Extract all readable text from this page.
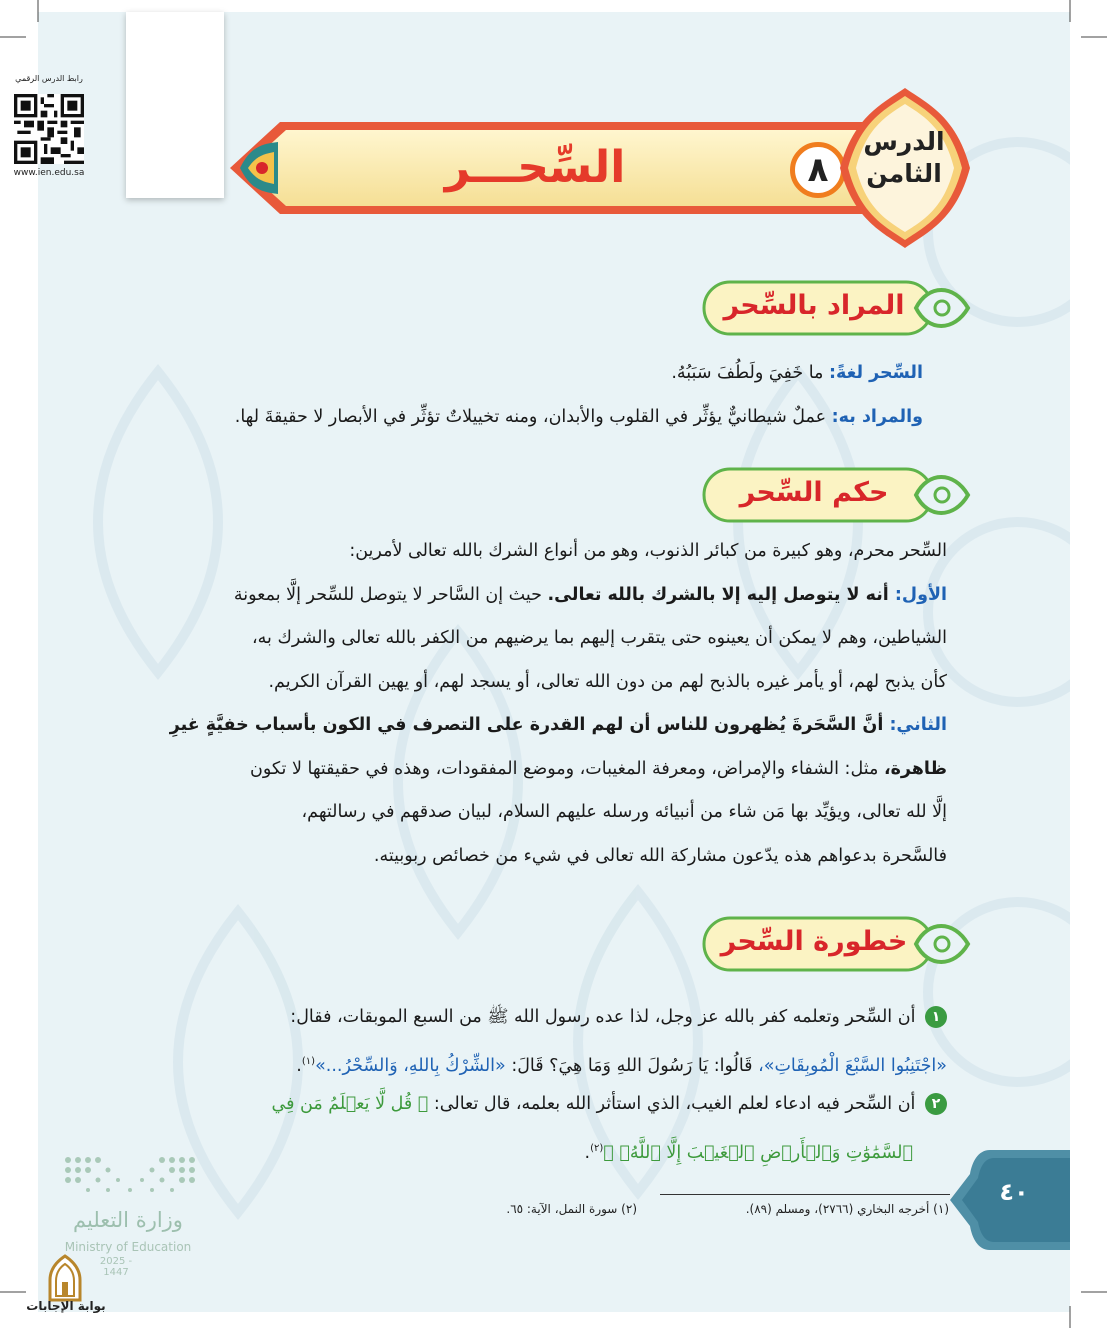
رابط الدرس الرقمي
www.ien.edu.sa	السِّحـــر	٨
الدرس
الثامن
المراد بالسِّحر
السِّحر لغةً: ما خَفِيَ ولَطُفَ سَبَبُهُ.
والمراد به: عملٌ شيطانيٌّ يؤثِّر في القلوب والأبدان، ومنه تخييلاتٌ تؤثِّر في الأبصار لا حقيقةَ لها.
حكم السِّحر
السِّحر محرم، وهو كبيرة من كبائر الذنوب، وهو من أنواع الشرك بالله تعالى لأمرين:
الأول: أنه لا يتوصل إليه إلا بالشرك بالله تعالى. حيث إن السَّاحر لا يتوصل للسِّحر إلَّا بمعونة
الشياطين، وهم لا يمكن أن يعينوه حتى يتقرب إليهم بما يرضيهم من الكفر بالله تعالى والشرك به،
كأن يذبح لهم، أو يأمر غيره بالذبح لهم من دون الله تعالى، أو يسجد لهم، أو يهين القرآن الكريم.
الثاني: أنَّ السَّحَرةَ يُظهرون للناس أن لهم القدرة على التصرف في الكون بأسباب خفيَّةٍ غيرِ
ظاهرة، مثل: الشفاء والإمراض، ومعرفة المغيبات، وموضع المفقودات، وهذه في حقيقتها لا تكون
إلَّا لله تعالى، ويؤيِّد بها مَن شاء من أنبيائه ورسله عليهم السلام، لبيان صدقهم في رسالتهم،
فالسَّحرة بدعواهم هذه يدّعون مشاركة الله تعالى في شيء من خصائص ربوبيته.
خطورة السِّحر
١ أن السِّحر وتعلمه كفر بالله عز وجل، لذا عده رسول الله ﷺ من السبع الموبقات، فقال:
«اجْتَنِبُوا السَّبْعَ الْمُوبِقَاتِ»، قَالُوا: يَا رَسُولَ اللهِ وَمَا هِيَ؟ قَالَ: «الشِّرْكُ بِاللهِ، وَالسِّحْرُ...»$^{(١)}$.
٢ أن السِّحر فيه ادعاء لعلم الغيب، الذي استأثر الله بعلمه، قال تعالى: ﴿ قُل لَّا يَعۡلَمُ مَن فِي
ٱلسَّمَٰوَٰتِ وَٱلۡأَرۡضِ ٱلۡغَيۡبَ إِلَّا ٱللَّهُۚ ﴾$^{(٢)}$.
(١) أخرجه البخاري (٢٧٦٦)، ومسلم (٨٩).
(٢) سورة النمل، الآية: ٦٥.
٤٠
وزارة التعليم
Ministry of Education
2025 - 1447
بوابة الإجابات
